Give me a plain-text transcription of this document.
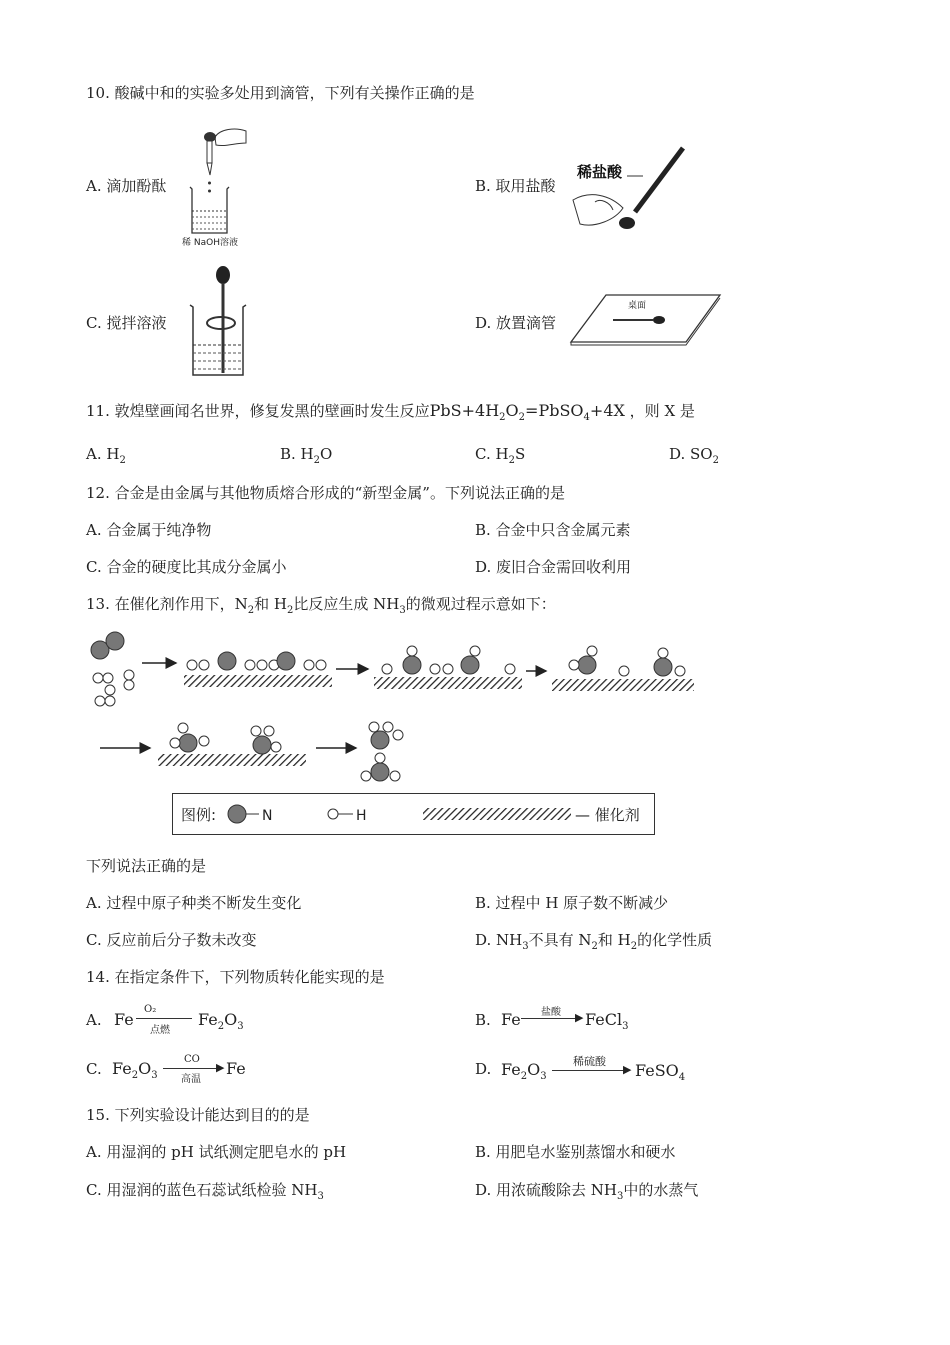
10. 酸碱中和的实验多处用到滴管，下列有关操作正确的是
A. 滴加酚酞
稀 NaOH溶液
B. 取用盐酸
稀盐酸
C. 搅拌溶液	D. 放置滴管
桌面
11. 敦煌壁画闻名世界，修复发黑的壁画时发生反应$PbS+4H_2O_2=PbSO_4+4X$ ，则 X 是
A. $H_2$	B. $H_2O$	C. $H_2S$	D. $SO_2$
12. 合金是由金属与其他物质熔合形成的“新型金属”。下列说法正确的是
A. 合金属于纯净物	B. 合金中只含金属元素
C. 合金的硬度比其成分金属小	D. 废旧合金需回收利用
13. 在催化剂作用下，$N_2$和 $H_2$比反应生成 $NH_3$的微观过程示意如下：
图例:	N	H	— 催化剂
下列说法正确的是
A. 过程中原子种类不断发生变化	B. 过程中 H 原子数不断减少
C. 反应前后分子数未改变	D. $NH_3$不具有 $N_2$和 $H_2$的化学性质
14. 在指定条件下，下列物质转化能实现的是
A. Fe
O₂
点燃
$Fe_2O_3$	B. Fe 盐酸 ▶ FeCl$_3$
C. $Fe_2O_3$
CO
▶
高温
Fe	D. $Fe_2O_3$
稀硫酸
▶ FeSO$_4$
15. 下列实验设计能达到目的的是
A. 用湿润的 pH 试纸测定肥皂水的 pH	B. 用肥皂水鉴别蒸馏水和硬水
C. 用湿润的蓝色石蕊试纸检验 $NH_3$	D. 用浓硫酸除去 $NH_3$中的水蒸气
